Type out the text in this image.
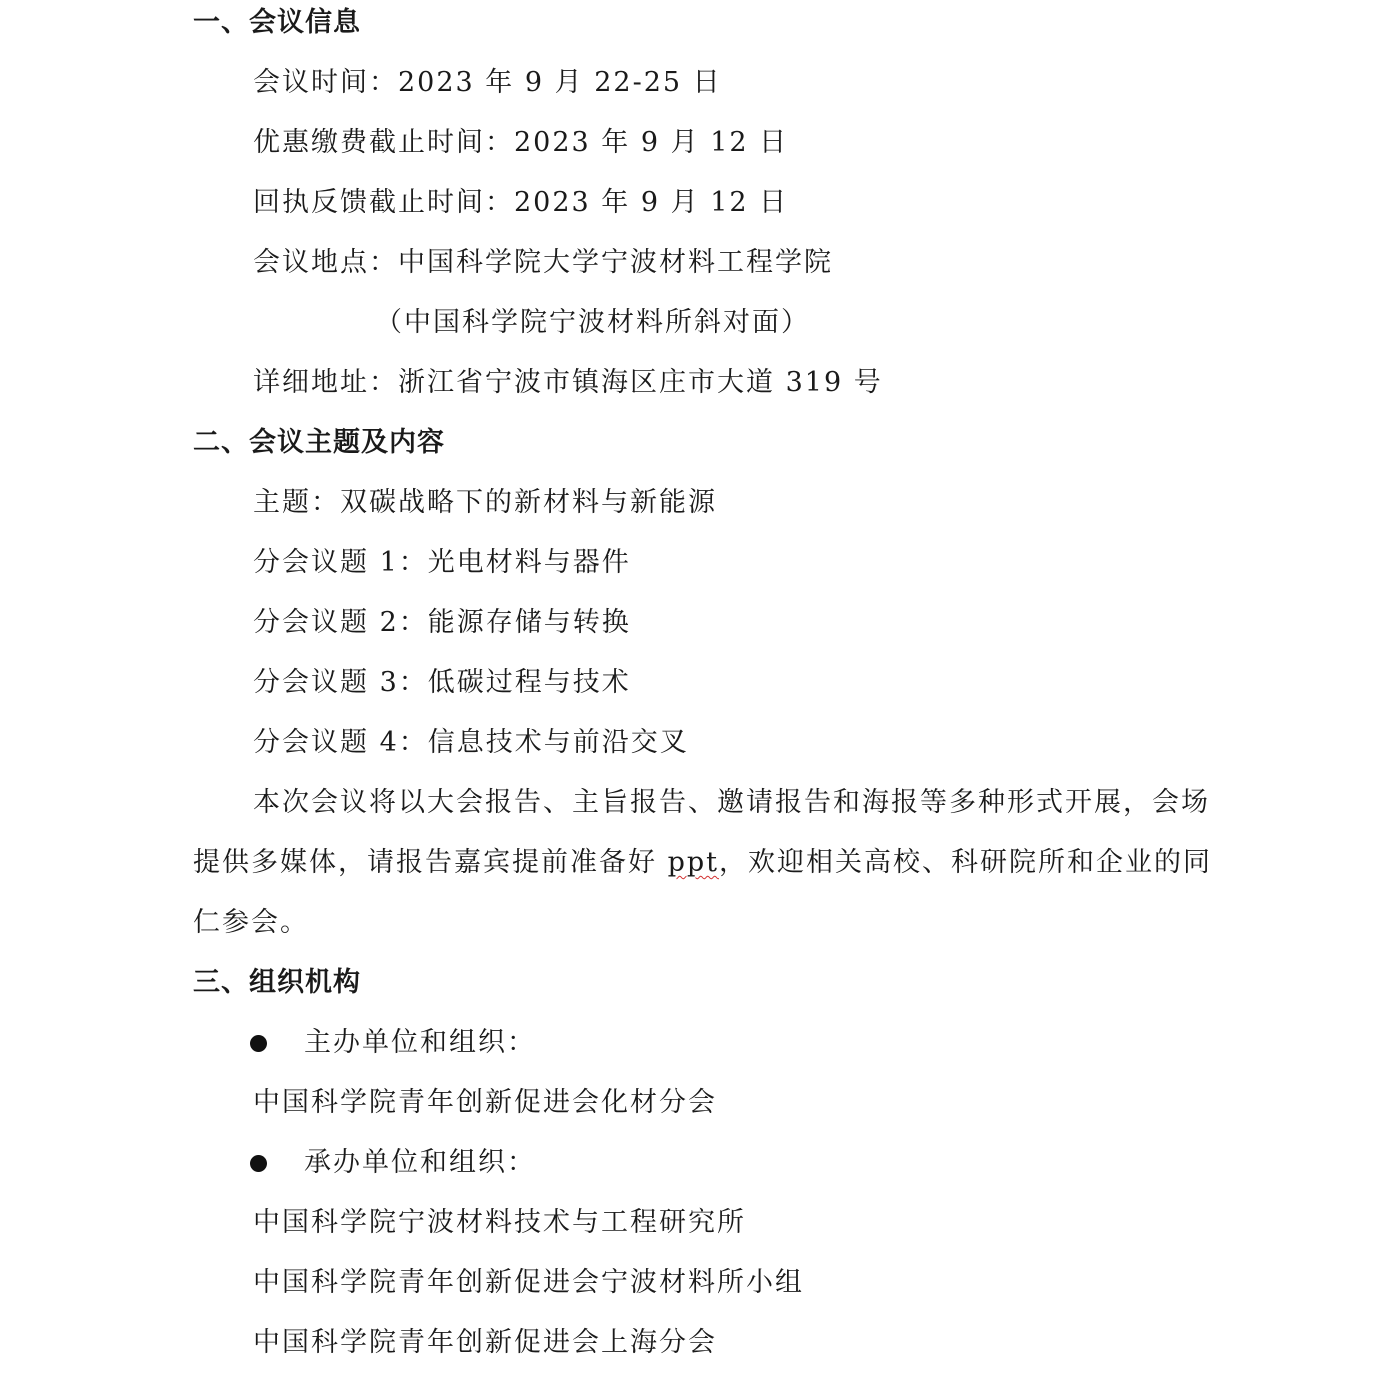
一、会议信息
会议时间：2023 年 9 月 22-25 日
优惠缴费截止时间：2023 年 9 月 12 日
回执反馈截止时间：2023 年 9 月 12 日
会议地点：中国科学院大学宁波材料工程学院
（中国科学院宁波材料所斜对面）
详细地址：浙江省宁波市镇海区庄市大道 319 号
二、会议主题及内容
主题：双碳战略下的新材料与新能源
分会议题 1：光电材料与器件
分会议题 2：能源存储与转换
分会议题 3：低碳过程与技术
分会议题 4：信息技术与前沿交叉
本次会议将以大会报告、主旨报告、邀请报告和海报等多种形式开展，会场
提供多媒体，请报告嘉宾提前准备好 ppt，欢迎相关高校、科研院所和企业的同
仁参会。
三、组织机构
主办单位和组织：
中国科学院青年创新促进会化材分会
承办单位和组织：
中国科学院宁波材料技术与工程研究所
中国科学院青年创新促进会宁波材料所小组
中国科学院青年创新促进会上海分会
